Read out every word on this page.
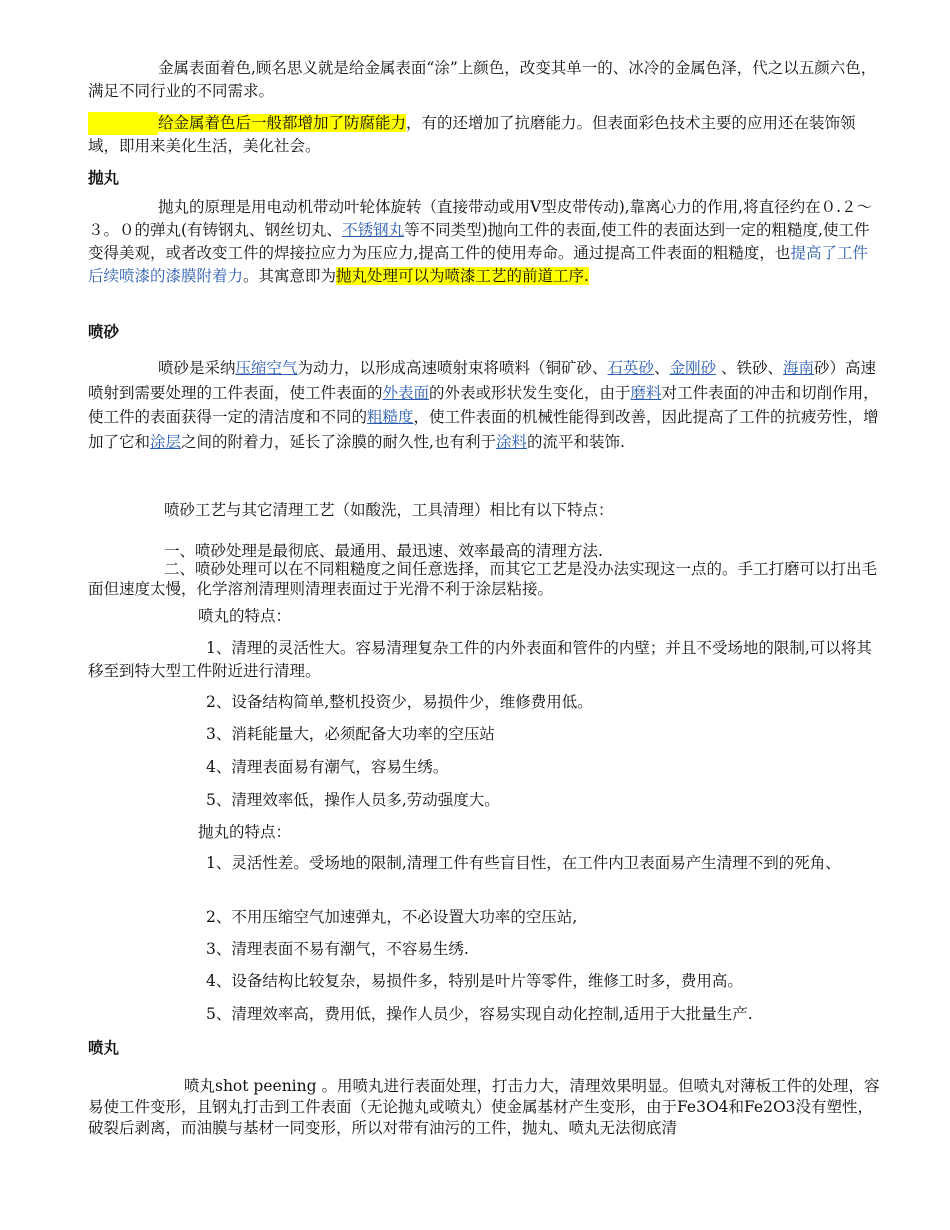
金属表面着色,顾名思义就是给金属表面“涂”上颜色，改变其单一的、冰冷的金属色泽，代之以五颜六色，满足不同行业的不同需求。

给金属着色后一般都增加了防腐能力，有的还增加了抗磨能力。但表面彩色技术主要的应用还在装饰领域，即用来美化生活，美化社会。

抛丸

抛丸的原理是用电动机带动叶轮体旋转（直接带动或用Ⅴ型皮带传动),靠离心力的作用,将直径约在０.２～３。０的弹丸(有铸钢丸、钢丝切丸、不锈钢丸等不同类型)抛向工件的表面,使工件的表面达到一定的粗糙度,使工件变得美观，或者改变工件的焊接拉应力为压应力,提高工件的使用寿命。通过提高工件表面的粗糙度，也提高了工件后续喷漆的漆膜附着力。其寓意即为抛丸处理可以为喷漆工艺的前道工序.

喷砂

喷砂是采纳压缩空气为动力，以形成高速喷射束将喷料（铜矿砂、石英砂、金刚砂 、铁砂、海南砂）高速喷射到需要处理的工件表面，使工件表面的外表面的外表或形状发生变化，由于磨料对工件表面的冲击和切削作用，使工件的表面获得一定的清洁度和不同的粗糙度，使工件表面的机械性能得到改善，因此提高了工件的抗疲劳性，增加了它和涂层之间的附着力，延长了涂膜的耐久性,也有利于涂料的流平和装饰.

喷砂工艺与其它清理工艺（如酸洗，工具清理）相比有以下特点：

一、喷砂处理是最彻底、最通用、最迅速、效率最高的清理方法.

二、喷砂处理可以在不同粗糙度之间任意选择，而其它工艺是没办法实现这一点的。手工打磨可以打出毛面但速度太慢，化学溶剂清理则清理表面过于光滑不利于涂层粘接。

喷丸的特点：

1、清理的灵活性大。容易清理复杂工件的内外表面和管件的内壁；并且不受场地的限制,可以将其移至到特大型工件附近进行清理。

2、设备结构简单,整机投资少，易损件少，维修费用低。
3、消耗能量大，必须配备大功率的空压站
4、清理表面易有潮气，容易生绣。
5、清理效率低，操作人员多,劳动强度大。
抛丸的特点：

1、灵活性差。受场地的限制,清理工件有些盲目性，在工件内卫表面易产生清理不到的死角、

2、不用压缩空气加速弹丸，不必设置大功率的空压站,
3、清理表面不易有潮气，不容易生绣.
4、设备结构比较复杂，易损件多，特别是叶片等零件，维修工时多，费用高。
5、清理效率高，费用低，操作人员少，容易实现自动化控制,适用于大批量生产.
喷丸

喷丸shot peening 。用喷丸进行表面处理，打击力大，清理效果明显。但喷丸对薄板工件的处理，容易使工件变形，且钢丸打击到工件表面（无论抛丸或喷丸）使金属基材产生变形，由于Fe3O4和Fe2O3没有塑性，破裂后剥离，而油膜与基材一同变形，所以对带有油污的工件，抛丸、喷丸无法彻底清
